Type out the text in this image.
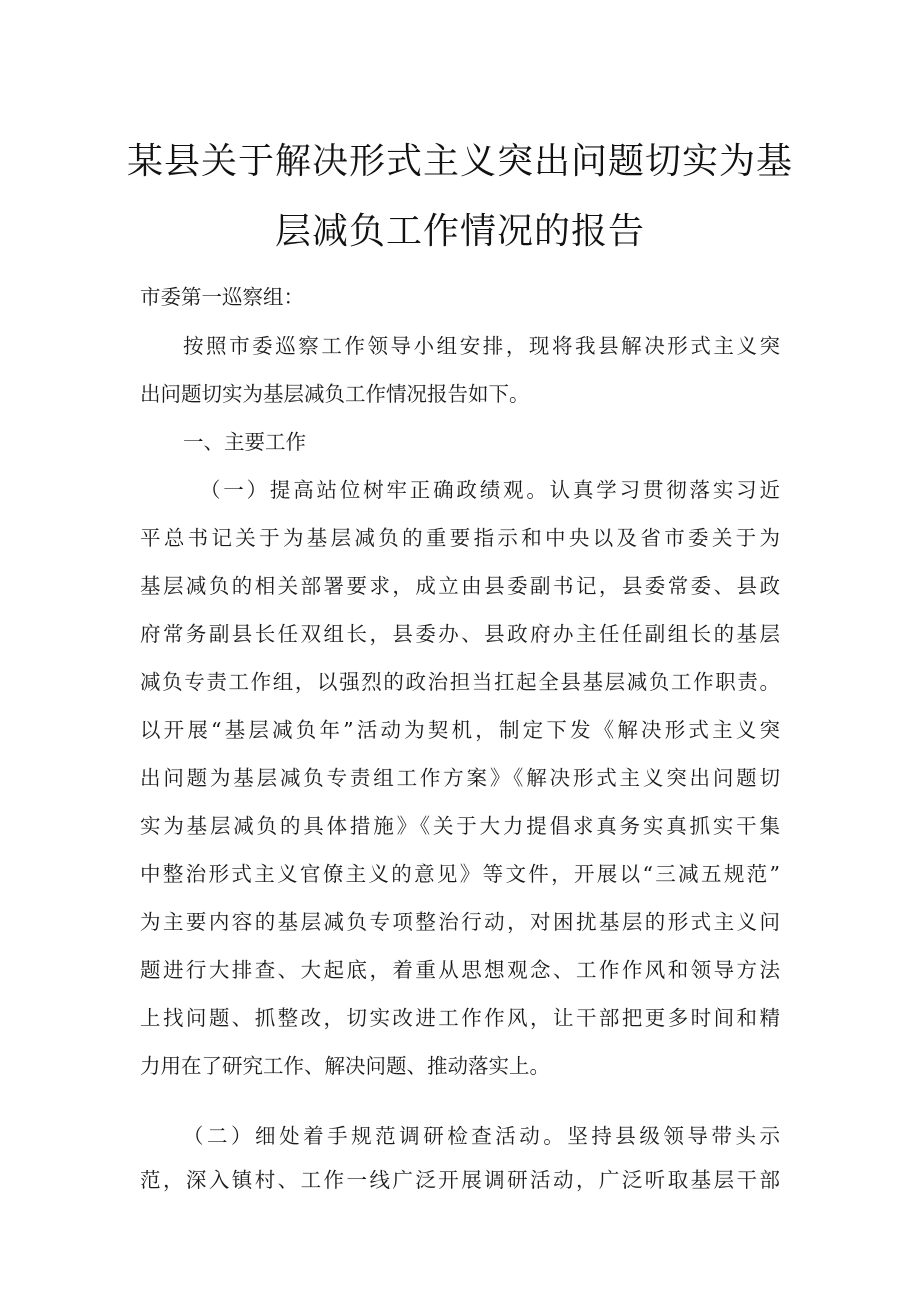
某县关于解决形式主义突出问题切实为基
层减负工作情况的报告
市委第一巡察组：
按照市委巡察工作领导小组安排，现将我县解决形式主义突
出问题切实为基层减负工作情况报告如下。
一、主要工作
（一）提高站位树牢正确政绩观。认真学习贯彻落实习近
平总书记关于为基层减负的重要指示和中央以及省市委关于为
基层减负的相关部署要求，成立由县委副书记，县委常委、县政
府常务副县长任双组长，县委办、县政府办主任任副组长的基层
减负专责工作组，以强烈的政治担当扛起全县基层减负工作职责。
以开展“基层减负年”活动为契机，制定下发《解决形式主义突
出问题为基层减负专责组工作方案》《解决形式主义突出问题切
实为基层减负的具体措施》《关于大力提倡求真务实真抓实干集
中整治形式主义官僚主义的意见》等文件，开展以“三减五规范”
为主要内容的基层减负专项整治行动，对困扰基层的形式主义问
题进行大排查、大起底，着重从思想观念、工作作风和领导方法
上找问题、抓整改，切实改进工作作风，让干部把更多时间和精
力用在了研究工作、解决问题、推动落实上。
（二）细处着手规范调研检查活动。坚持县级领导带头示
范，深入镇村、工作一线广泛开展调研活动，广泛听取基层干部
